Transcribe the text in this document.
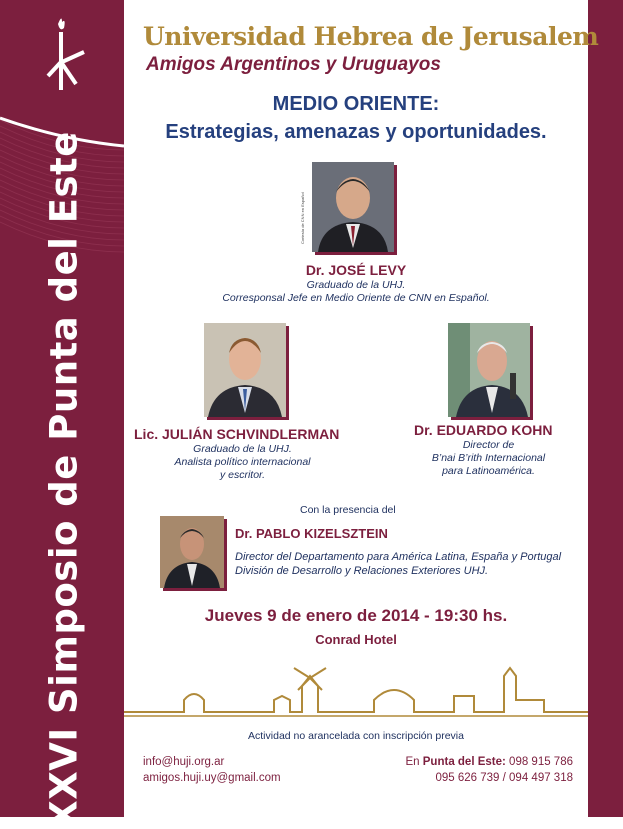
XXVI Simposio de Punta del Este
Universidad Hebrea de Jerusalem
Amigos Argentinos y Uruguayos
MEDIO ORIENTE:
Estrategias, amenazas y oportunidades.
Cortesía de CNN en Español
Dr. JOSÉ LEVY
Graduado de la UHJ.
Corresponsal Jefe en Medio Oriente de CNN en Español.
Lic. JULIÁN SCHVINDLERMAN
Graduado de la UHJ.
Analista político internacional
y escritor.
Dr. EDUARDO KOHN
Director de
B’nai B’rith Internacional
para Latinoamérica.
Con la presencia del
Dr. PABLO KIZELSZTEIN
Director del Departamento para América Latina, España y Portugal
División de Desarrollo y Relaciones Exteriores UHJ.
Jueves 9 de enero de 2014 - 19:30 hs.
Conrad Hotel
Actividad no arancelada con inscripción previa
info@huji.org.ar
amigos.huji.uy@gmail.com
En Punta del Este: 098 915 786
095 626 739 / 094 497 318
